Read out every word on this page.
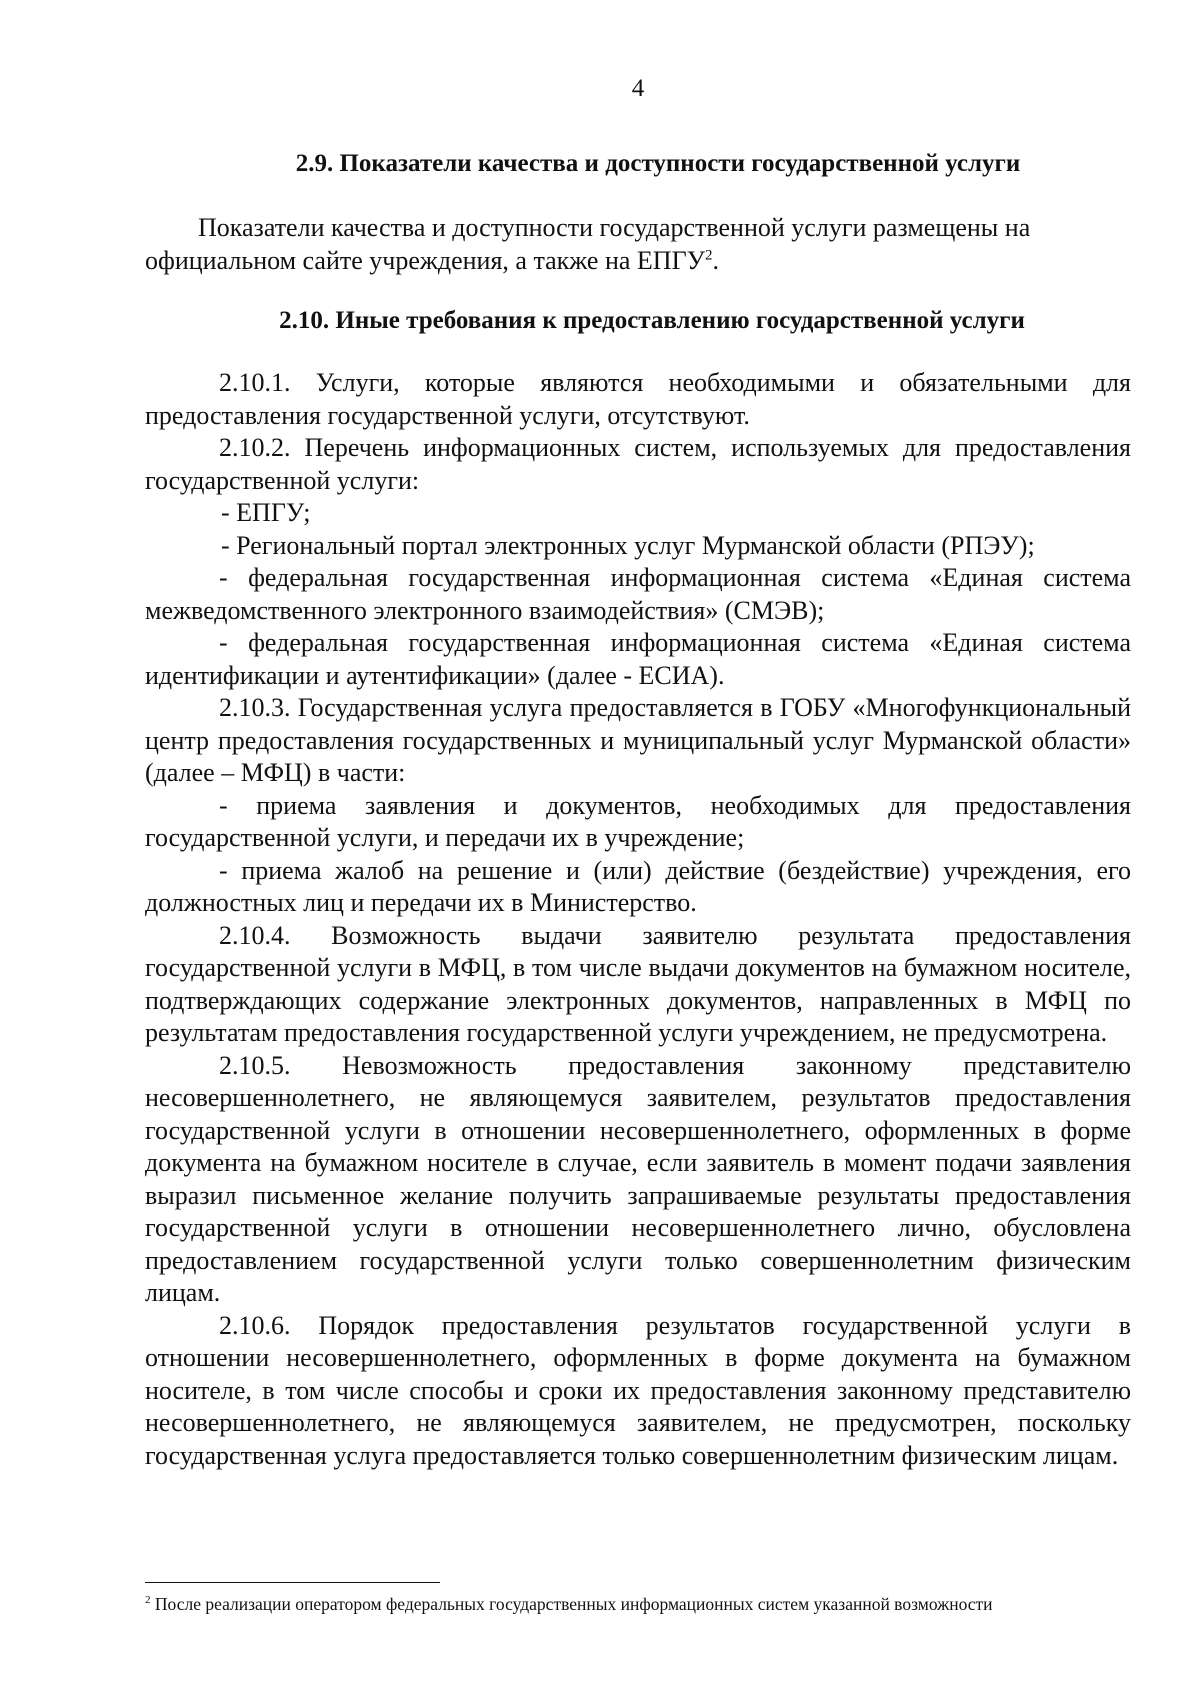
4
2.9. Показатели качества и доступности государственной услуги

Показатели качества и доступности государственной услуги размещены на официальном сайте учреждения, а также на ЕПГУ$^2$.

2.10. Иные требования к предоставлению государственной услуги

2.10.1. Услуги, которые являются необходимыми и обязательными для предоставления государственной услуги, отсутствуют.

2.10.2. Перечень информационных систем, используемых для предоставления государственной услуги:

- ЕПГУ;

- Региональный портал электронных услуг Мурманской области (РПЭУ);

- федеральная государственная информационная система «Единая система межведомственного электронного взаимодействия» (СМЭВ);

- федеральная государственная информационная система «Единая система идентификации и аутентификации» (далее - ЕСИА).

2.10.3. Государственная услуга предоставляется в ГОБУ «Многофункциональный центр предоставления государственных и муниципальный услуг Мурманской области» (далее – МФЦ) в части:

- приема заявления и документов, необходимых для предоставления государственной услуги, и передачи их в учреждение;

- приема жалоб на решение и (или) действие (бездействие) учреждения, его должностных лиц и передачи их в Министерство.

2.10.4. Возможность выдачи заявителю результата предоставления государственной услуги в МФЦ, в том числе выдачи документов на бумажном носителе, подтверждающих содержание электронных документов, направленных в МФЦ по результатам предоставления государственной услуги учреждением, не предусмотрена.

2.10.5. Невозможность предоставления законному представителю несовершеннолетнего, не являющемуся заявителем, результатов предоставления государственной услуги в отношении несовершеннолетнего, оформленных в форме документа на бумажном носителе в случае, если заявитель в момент подачи заявления выразил письменное желание получить запрашиваемые результаты предоставления государственной услуги в отношении несовершеннолетнего лично, обусловлена предоставлением государственной услуги только совершеннолетним физическим лицам.

2.10.6. Порядок предоставления результатов государственной услуги в отношении несовершеннолетнего, оформленных в форме документа на бумажном носителе, в том числе способы и сроки их предоставления законному представителю несовершеннолетнего, не являющемуся заявителем, не предусмотрен, поскольку государственная услуга предоставляется только совершеннолетним физическим лицам.

$^2$ После реализации оператором федеральных государственных информационных систем указанной возможности
